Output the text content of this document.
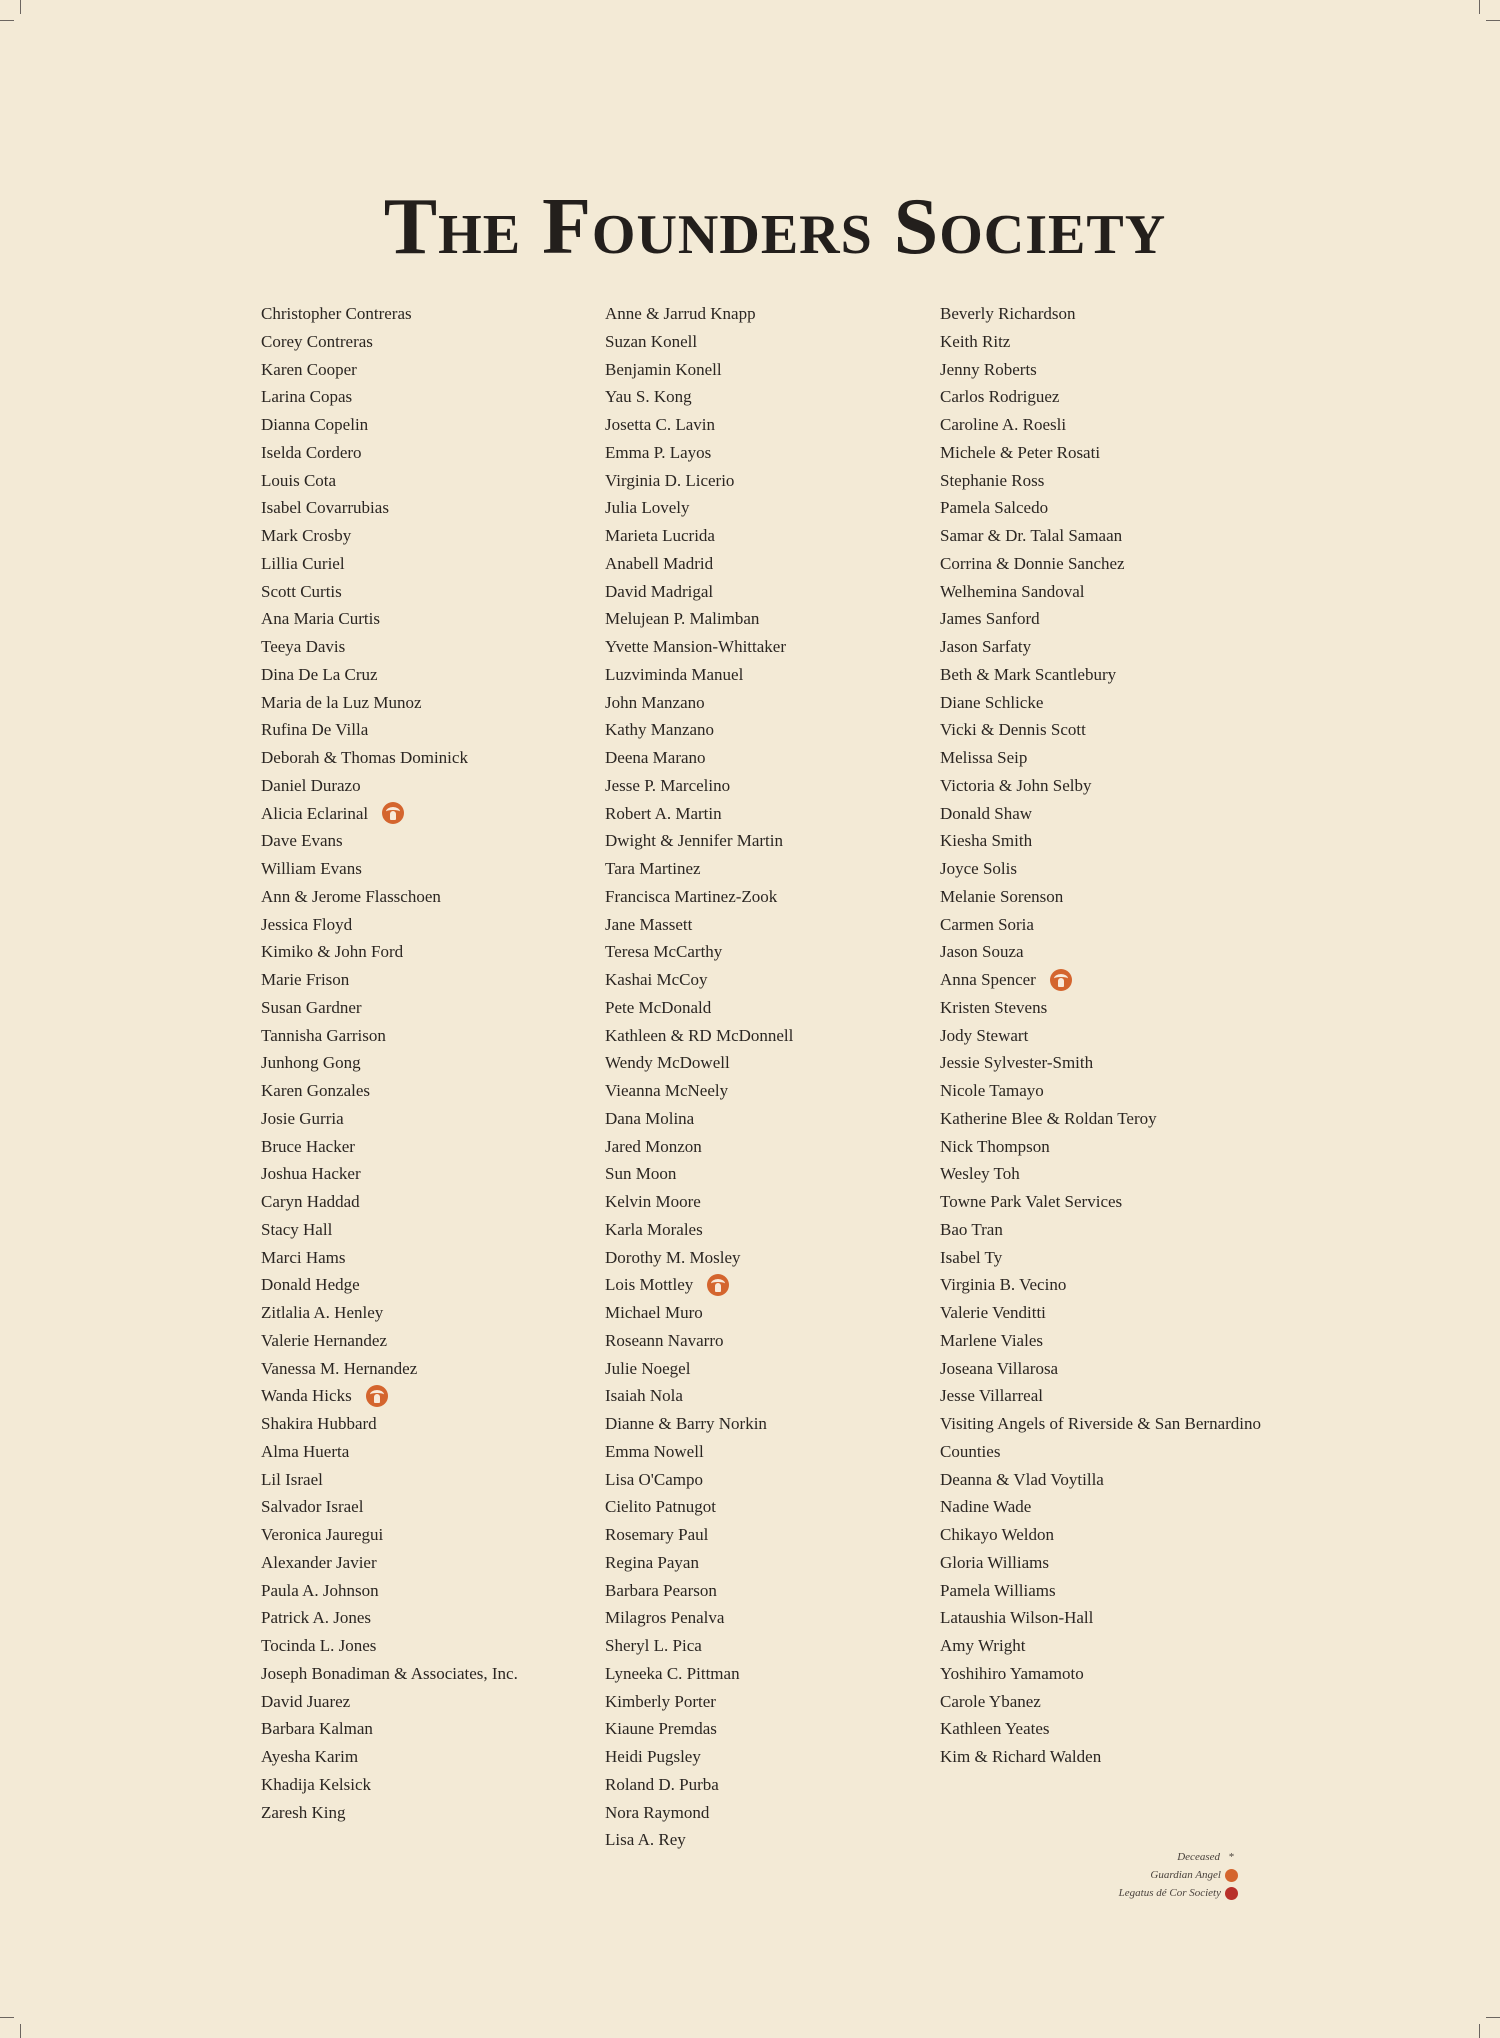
The Founders Society
Christopher Contreras
Corey Contreras
Karen Cooper
Larina Copas
Dianna Copelin
Iselda Cordero
Louis Cota
Isabel Covarrubias
Mark Crosby
Lillia Curiel
Scott Curtis
Ana Maria Curtis
Teeya Davis
Dina De La Cruz
Maria de la Luz Munoz
Rufina De Villa
Deborah & Thomas Dominick
Daniel Durazo
Alicia Eclarinal
Dave Evans
William Evans
Ann & Jerome Flasschoen
Jessica Floyd
Kimiko & John Ford
Marie Frison
Susan Gardner
Tannisha Garrison
Junhong Gong
Karen Gonzales
Josie Gurria
Bruce Hacker
Joshua Hacker
Caryn Haddad
Stacy Hall
Marci Hams
Donald Hedge
Zitlalia A. Henley
Valerie Hernandez
Vanessa M. Hernandez
Wanda Hicks
Shakira Hubbard
Alma Huerta
Lil Israel
Salvador Israel
Veronica Jauregui
Alexander Javier
Paula A. Johnson
Patrick A. Jones
Tocinda L. Jones
Joseph Bonadiman & Associates, Inc.
David Juarez
Barbara Kalman
Ayesha Karim
Khadija Kelsick
Zaresh King
Anne & Jarrud Knapp
Suzan Konell
Benjamin Konell
Yau S. Kong
Josetta C. Lavin
Emma P. Layos
Virginia D. Licerio
Julia Lovely
Marieta Lucrida
Anabell Madrid
David Madrigal
Melujean P. Malimban
Yvette Mansion-Whittaker
Luzviminda Manuel
John Manzano
Kathy Manzano
Deena Marano
Jesse P. Marcelino
Robert A. Martin
Dwight & Jennifer Martin
Tara Martinez
Francisca Martinez-Zook
Jane Massett
Teresa McCarthy
Kashai McCoy
Pete McDonald
Kathleen & RD McDonnell
Wendy McDowell
Vieanna McNeely
Dana Molina
Jared Monzon
Sun Moon
Kelvin Moore
Karla Morales
Dorothy M. Mosley
Lois Mottley
Michael Muro
Roseann Navarro
Julie Noegel
Isaiah Nola
Dianne & Barry Norkin
Emma Nowell
Lisa O'Campo
Cielito Patnugot
Rosemary Paul
Regina Payan
Barbara Pearson
Milagros Penalva
Sheryl L. Pica
Lyneeka C. Pittman
Kimberly Porter
Kiaune Premdas
Heidi Pugsley
Roland D. Purba
Nora Raymond
Lisa A. Rey
Beverly Richardson
Keith Ritz
Jenny Roberts
Carlos Rodriguez
Caroline A. Roesli
Michele & Peter Rosati
Stephanie Ross
Pamela Salcedo
Samar & Dr. Talal Samaan
Corrina & Donnie Sanchez
Welhemina Sandoval
James Sanford
Jason Sarfaty
Beth & Mark Scantlebury
Diane Schlicke
Vicki & Dennis Scott
Melissa Seip
Victoria & John Selby
Donald Shaw
Kiesha Smith
Joyce Solis
Melanie Sorenson
Carmen Soria
Jason Souza
Anna Spencer
Kristen Stevens
Jody Stewart
Jessie Sylvester-Smith
Nicole Tamayo
Katherine Blee & Roldan Teroy
Nick Thompson
Wesley Toh
Towne Park Valet Services
Bao Tran
Isabel Ty
Virginia B. Vecino
Valerie Venditti
Marlene Viales
Joseana Villarosa
Jesse Villarreal
Visiting Angels of Riverside & San Bernardino Counties
Deanna & Vlad Voytilla
Nadine Wade
Chikayo Weldon
Gloria Williams
Pamela Williams
Lataushia Wilson-Hall
Amy Wright
Yoshihiro Yamamoto
Carole Ybanez
Kathleen Yeates
Kim & Richard Walden
Deceased *
Guardian Angel
Legatus dé Cor Society
